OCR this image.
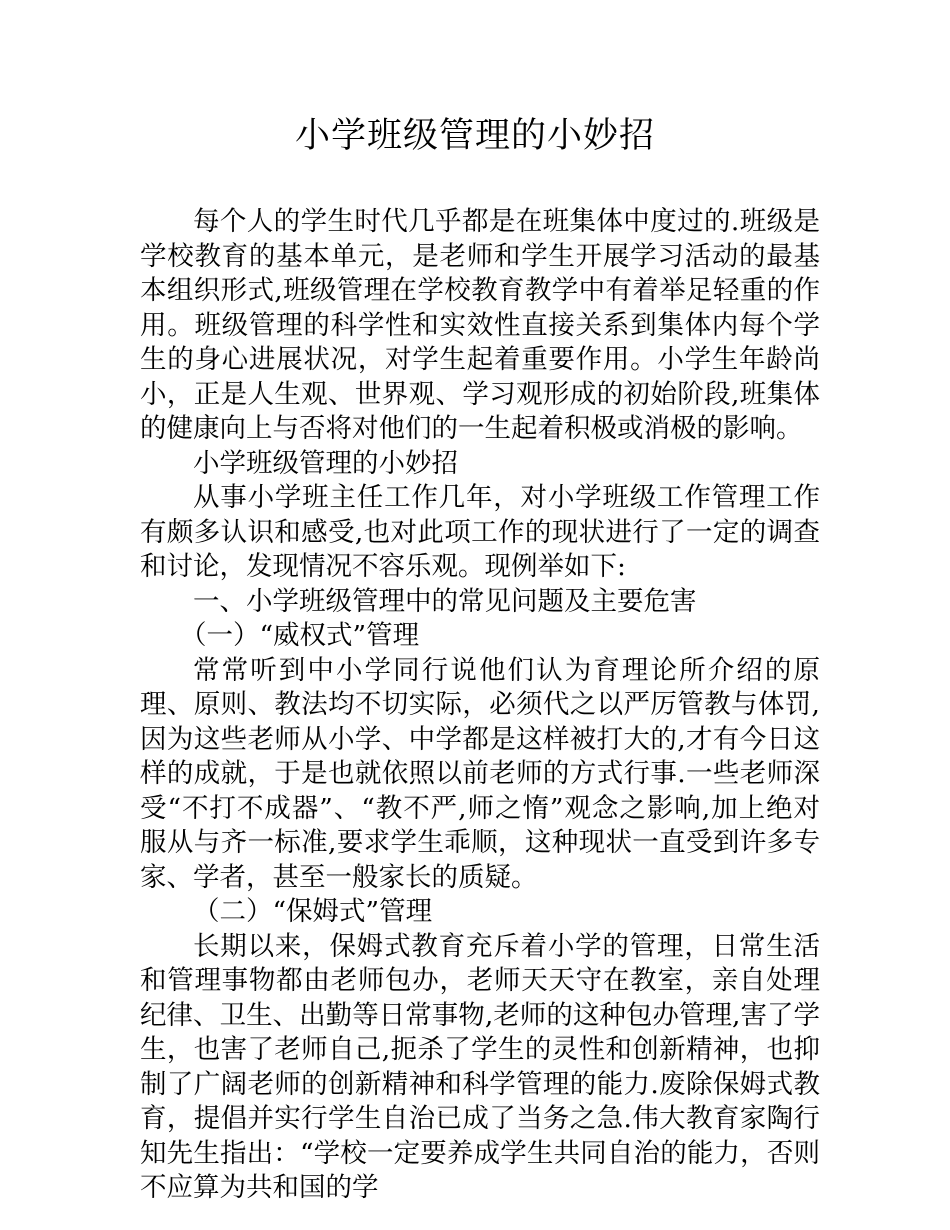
小学班级管理的小妙招

每个人的学生时代几乎都是在班集体中度过的.班级是学校教育的基本单元，是老师和学生开展学习活动的最基本组织形式,班级管理在学校教育教学中有着举足轻重的作用。班级管理的科学性和实效性直接关系到集体内每个学生的身心进展状况，对学生起着重要作用。小学生年龄尚小，正是人生观、世界观、学习观形成的初始阶段,班集体的健康向上与否将对他们的一生起着积极或消极的影响。

小学班级管理的小妙招

从事小学班主任工作几年，对小学班级工作管理工作有颇多认识和感受,也对此项工作的现状进行了一定的调查和讨论，发现情况不容乐观。现例举如下:

一、小学班级管理中的常见问题及主要危害

（一）“威权式”管理

常常听到中小学同行说他们认为育理论所介绍的原理、原则、教法均不切实际，必须代之以严厉管教与体罚,因为这些老师从小学、中学都是这样被打大的,才有今日这样的成就，于是也就依照以前老师的方式行事.一些老师深受“不打不成器”、“教不严,师之惰”观念之影响,加上绝对服从与齐一标准,要求学生乖顺，这种现状一直受到许多专家、学者，甚至一般家长的质疑。

（二）“保姆式”管理

长期以来，保姆式教育充斥着小学的管理，日常生活和管理事物都由老师包办，老师天天守在教室，亲自处理纪律、卫生、出勤等日常事物,老师的这种包办管理,害了学生，也害了老师自己,扼杀了学生的灵性和创新精神，也抑制了广阔老师的创新精神和科学管理的能力.废除保姆式教育，提倡并实行学生自治已成了当务之急.伟大教育家陶行知先生指出：“学校一定要养成学生共同自治的能力，否则不应算为共和国的学
